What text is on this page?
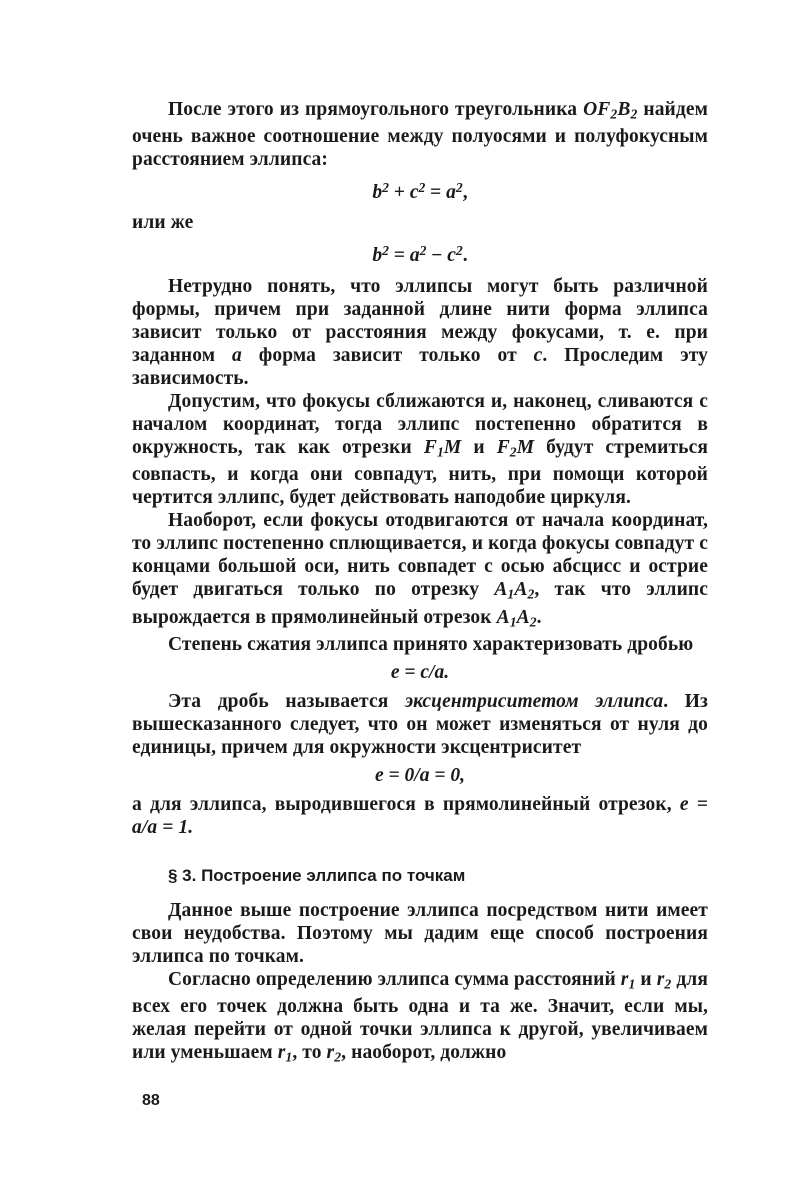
После этого из прямоугольного треугольника $OF_2B_2$ найдем очень важное соотношение между полуосями и полуфокусным расстоянием эллипса:

$b^2 + c^2 = a^2$,

или же

$b^2 = a^2 - c^2$.

Нетрудно понять, что эллипсы могут быть различной формы, причем при заданной длине нити форма эллипса зависит только от расстояния между фокусами, т. е. при заданном a форма зависит только от c. Проследим эту зависимость.

Допустим, что фокусы сближаются и, наконец, сливаются с началом координат, тогда эллипс постепенно обратится в окружность, так как отрезки $F_1M$ и $F_2M$ будут стремиться совпасть, и когда они совпадут, нить, при помощи которой чертится эллипс, будет действовать наподобие циркуля.

Наоборот, если фокусы отодвигаются от начала координат, то эллипс постепенно сплющивается, и когда фокусы совпадут с концами большой оси, нить совпадет с осью абсцисс и острие будет двигаться только по отрезку $A_1A_2$, так что эллипс вырождается в прямолинейный отрезок $A_1A_2$.

Степень сжатия эллипса принято характеризовать дробью

e = c/a.

Эта дробь называется эксцентриситетом эллипса. Из вышесказанного следует, что он может изменяться от нуля до единицы, причем для окружности эксцентриситет

e = 0/a = 0,

а для эллипса, выродившегося в прямолинейный отрезок, e = a/a = 1.

§ 3. Построение эллипса по точкам

Данное выше построение эллипса посредством нити имеет свои неудобства. Поэтому мы дадим еще способ построения эллипса по точкам.

Согласно определению эллипса сумма расстояний $r_1$ и $r_2$ для всех его точек должна быть одна и та же. Значит, если мы, желая перейти от одной точки эллипса к другой, увеличиваем или уменьшаем $r_1$, то $r_2$, наоборот, должно

88
